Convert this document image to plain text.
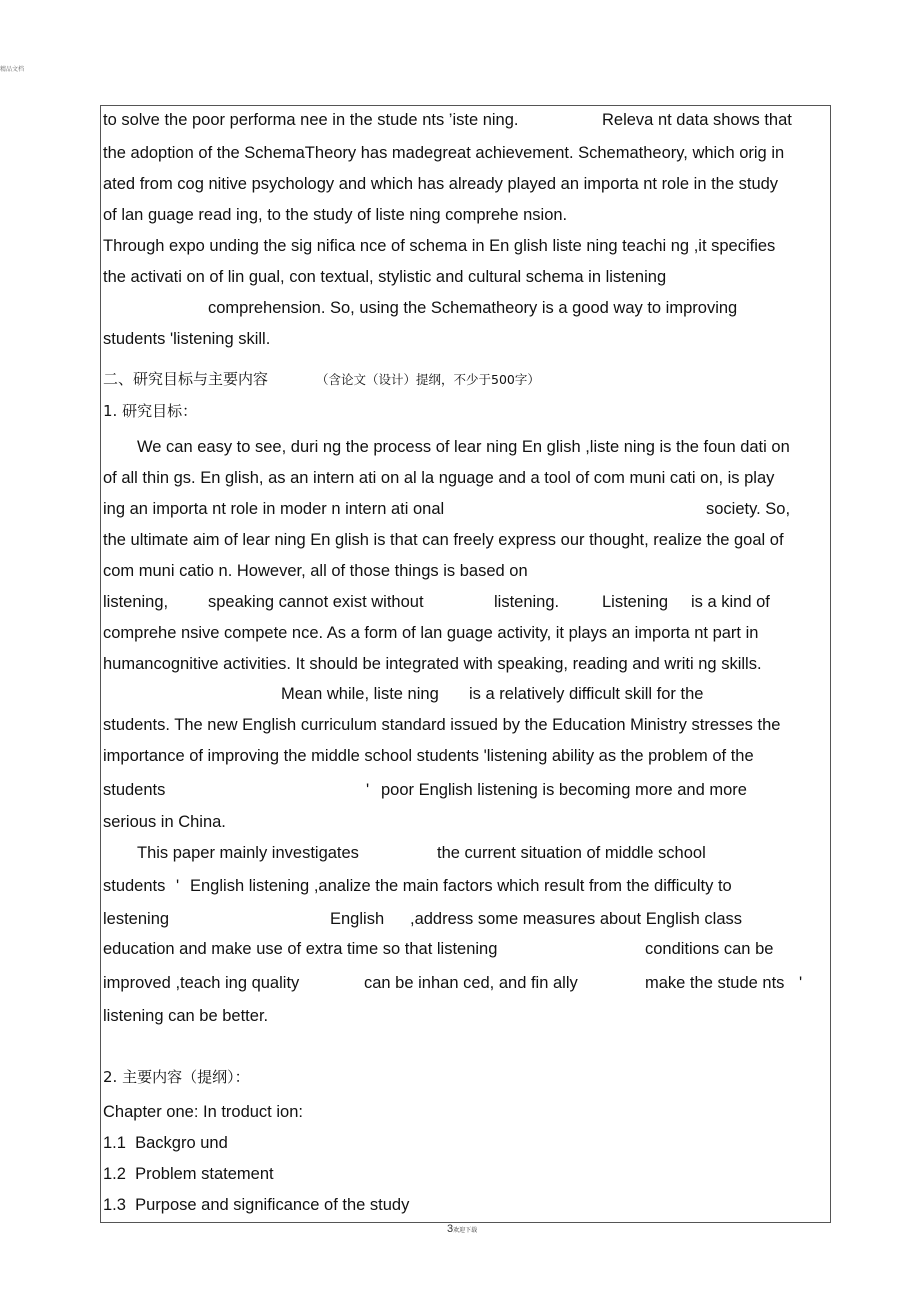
精品文档
to solve the poor performa nee in the stude nts ’iste ning.	Releva nt data shows that
the adoption of the SchemaTheory has madegreat achievement. Schematheory, which orig in
ated from cog nitive psychology and which has already played an importa nt role in the study
of lan guage read ing, to the study of liste ning comprehe nsion.
Through expo unding the sig nifica nce of schema in En glish liste ning teachi ng ,it specifies
the activati on of lin gual, con textual, stylistic and cultural schema in listening
comprehension. So, using the Schematheory is a good way to improving
students 'listening skill.
二、研究目标与主要内容	（含论文（设计）提纲，不少于500字）
1. 研究目标：
We can easy to see, duri ng the process of lear ning En glish ,liste ning is the foun dati on
of all thin gs. En glish, as an intern ati on al la nguage and a tool of com muni cati on, is play
ing an importa nt role in moder n intern ati onal	society. So,
the ultimate aim of lear ning En glish is that can freely express our thought, realize the goal of
com muni catio n. However, all of those things is based on
listening, speaking cannot exist without	listening.	Listening is a kind of
comprehe nsive compete nce. As a form of lan guage activity, it plays an importa nt part in
humancognitive activities. It should be integrated with speaking, reading and writi ng skills.
Mean while, liste ning is a relatively difficult skill for the
students. The new English curriculum standard issued by the Education Ministry stresses the
importance of improving the middle school students 'listening ability as the problem of the
students	' poor English listening is becoming more and more
serious in China.
This paper mainly investigates	the current situation of middle school
students ' English listening ,analize the main factors which result from the difficulty to
lestening	English ,address some measures about English class
education and make use of extra time so that listening	conditions can be
improved ,teach ing quality	can be inhan ced, and fin ally	make the stude nts '
listening can be better.
2. 主要内容（提纲）：
Chapter one: In troduct ion:
1.1  Backgro und
1.2  Problem statement
1.3  Purpose and significance of the study
3欢迎下载
